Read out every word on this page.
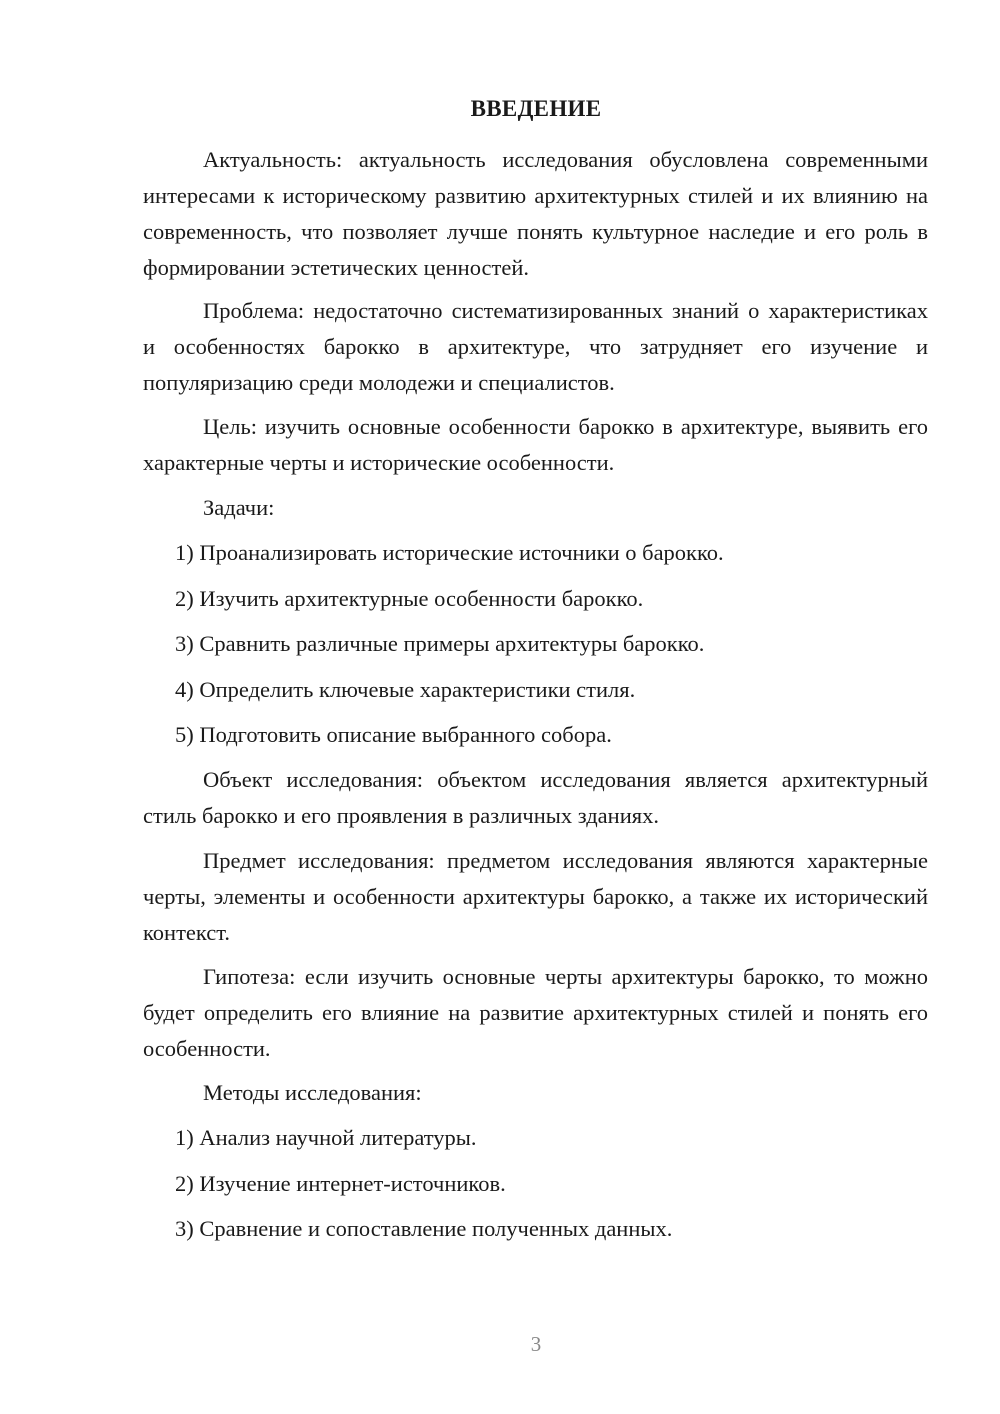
ВВЕДЕНИЕ

Актуальность: актуальность исследования обусловлена современными интересами к историческому развитию архитектурных стилей и их влиянию на современность, что позволяет лучше понять культурное наследие и его роль в формировании эстетических ценностей.

Проблема: недостаточно систематизированных знаний о характеристиках и особенностях барокко в архитектуре, что затрудняет его изучение и популяризацию среди молодежи и специалистов.

Цель: изучить основные особенности барокко в архитектуре, выявить его характерные черты и исторические особенности.

Задачи:

1) Проанализировать исторические источники о барокко.

2) Изучить архитектурные особенности барокко.

3) Сравнить различные примеры архитектуры барокко.

4) Определить ключевые характеристики стиля.

5) Подготовить описание выбранного собора.

Объект исследования: объектом исследования является архитектурный стиль барокко и его проявления в различных зданиях.

Предмет исследования: предметом исследования являются характерные черты, элементы и особенности архитектуры барокко, а также их исторический контекст.

Гипотеза: если изучить основные черты архитектуры барокко, то можно будет определить его влияние на развитие архитектурных стилей и понять его особенности.

Методы исследования:

1) Анализ научной литературы.

2) Изучение интернет-источников.

3) Сравнение и сопоставление полученных данных.

3
